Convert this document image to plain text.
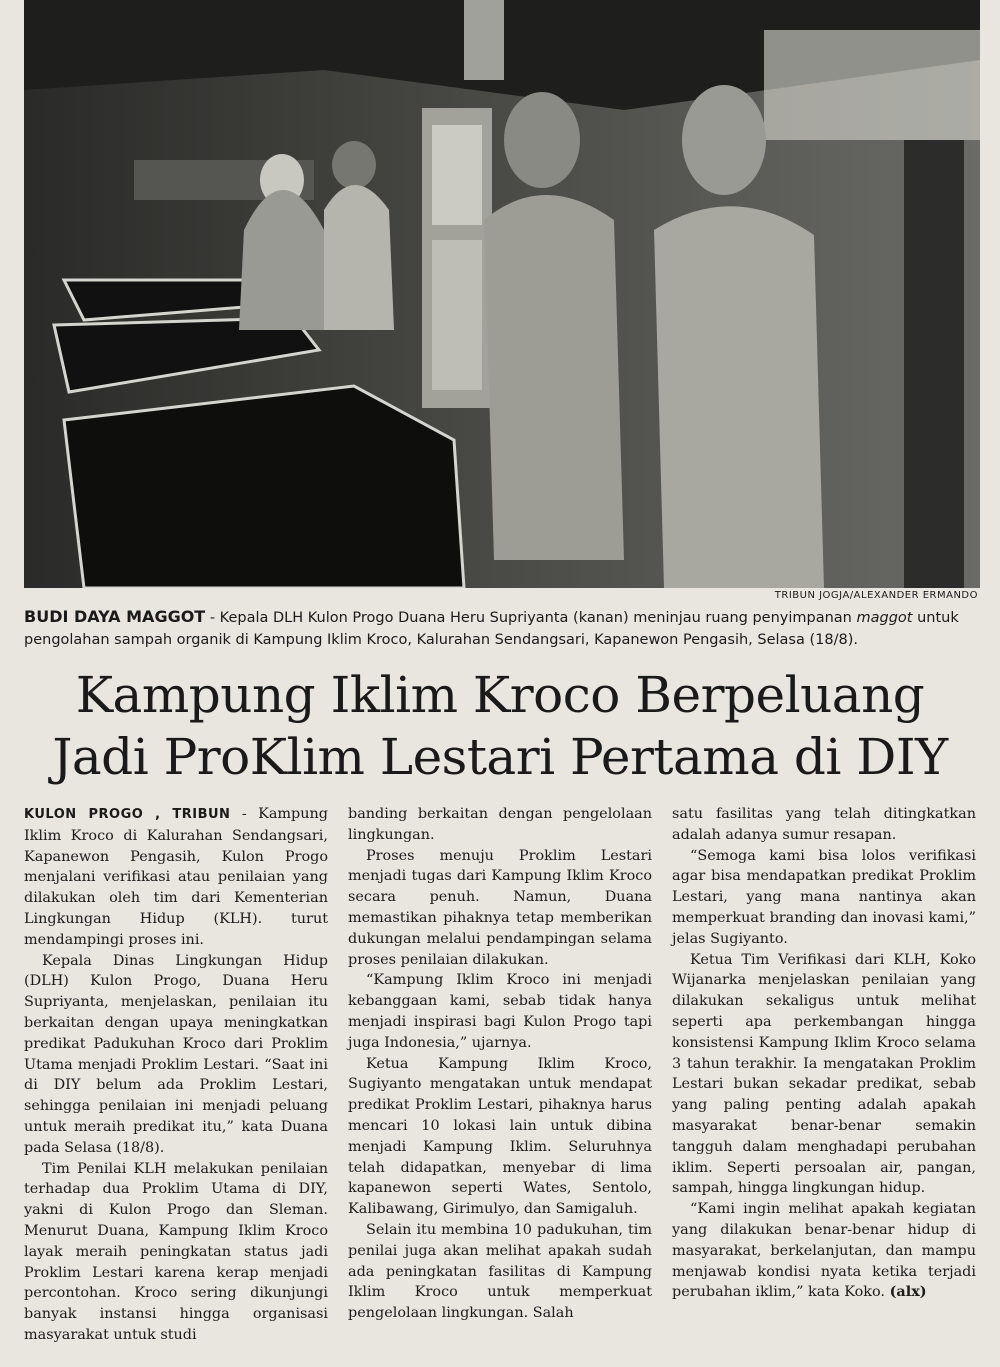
TRIBUN JOGJA/ALEXANDER ERMANDO
BUDI DAYA MAGGOT - Kepala DLH Kulon Progo Duana Heru Supriyanta (kanan) meninjau ruang penyimpanan maggot untuk pengolahan sampah organik di Kampung Iklim Kroco, Kalurahan Sendangsari, Kapanewon Pengasih, Selasa (18/8).
Kampung Iklim Kroco Berpeluang
Jadi ProKlim Lestari Pertama di DIY

KULON PROGO , TRIBUN - Kampung Iklim Kroco di Kalurahan Sendangsari, Kapanewon Pengasih, Kulon Progo menjalani verifikasi atau penilaian yang dilakukan oleh tim dari Kementerian Lingkungan Hidup (KLH). turut mendampingi proses ini.

Kepala Dinas Lingkungan Hidup (DLH) Kulon Progo, Duana Heru Supriyanta, menjelaskan, penilaian itu berkaitan dengan upaya meningkatkan predikat Padukuhan Kroco dari Proklim Utama menjadi Proklim Lestari. “Saat ini di DIY belum ada Proklim Lestari, sehingga penilaian ini menjadi peluang untuk meraih predikat itu,” kata Duana pada Selasa (18/8).

Tim Penilai KLH melakukan penilaian terhadap dua Proklim Utama di DIY, yakni di Kulon Progo dan Sleman. Menurut Duana, Kampung Iklim Kroco layak meraih peningkatan status jadi Proklim Lestari karena kerap menjadi percontohan. Kroco sering dikunjungi banyak instansi hingga organisasi masyarakat untuk studi

banding berkaitan dengan pengelolaan lingkungan.

Proses menuju Proklim Lestari menjadi tugas dari Kampung Iklim Kroco secara penuh. Namun, Duana memastikan pihaknya tetap memberikan dukungan melalui pendampingan selama proses penilaian dilakukan.

“Kampung Iklim Kroco ini menjadi kebanggaan kami, sebab tidak hanya menjadi inspirasi bagi Kulon Progo tapi juga Indonesia,” ujarnya.

Ketua Kampung Iklim Kroco, Sugiyanto mengatakan untuk mendapat predikat Proklim Lestari, pihaknya harus mencari 10 lokasi lain untuk dibina menjadi Kampung Iklim. Seluruhnya telah didapatkan, menyebar di lima kapanewon seperti Wates, Sentolo, Kalibawang, Girimulyo, dan Samigaluh.

Selain itu membina 10 padukuhan, tim penilai juga akan melihat apakah sudah ada peningkatan fasilitas di Kampung Iklim Kroco untuk memperkuat pengelolaan lingkungan. Salah

satu fasilitas yang telah ditingkatkan adalah adanya sumur resapan.

“Semoga kami bisa lolos verifikasi agar bisa mendapatkan predikat Proklim Lestari, yang mana nantinya akan memperkuat branding dan inovasi kami,” jelas Sugiyanto.

Ketua Tim Verifikasi dari KLH, Koko Wijanarka menjelaskan penilaian yang dilakukan sekaligus untuk melihat seperti apa perkembangan hingga konsistensi Kampung Iklim Kroco selama 3 tahun terakhir. Ia mengatakan Proklim Lestari bukan sekadar predikat, sebab yang paling penting adalah apakah masyarakat benar-benar semakin tangguh dalam menghadapi perubahan iklim. Seperti persoalan air, pangan, sampah, hingga lingkungan hidup.

“Kami ingin melihat apakah kegiatan yang dilakukan benar-benar hidup di masyarakat, berkelanjutan, dan mampu menjawab kondisi nyata ketika terjadi perubahan iklim,” kata Koko. (alx)
